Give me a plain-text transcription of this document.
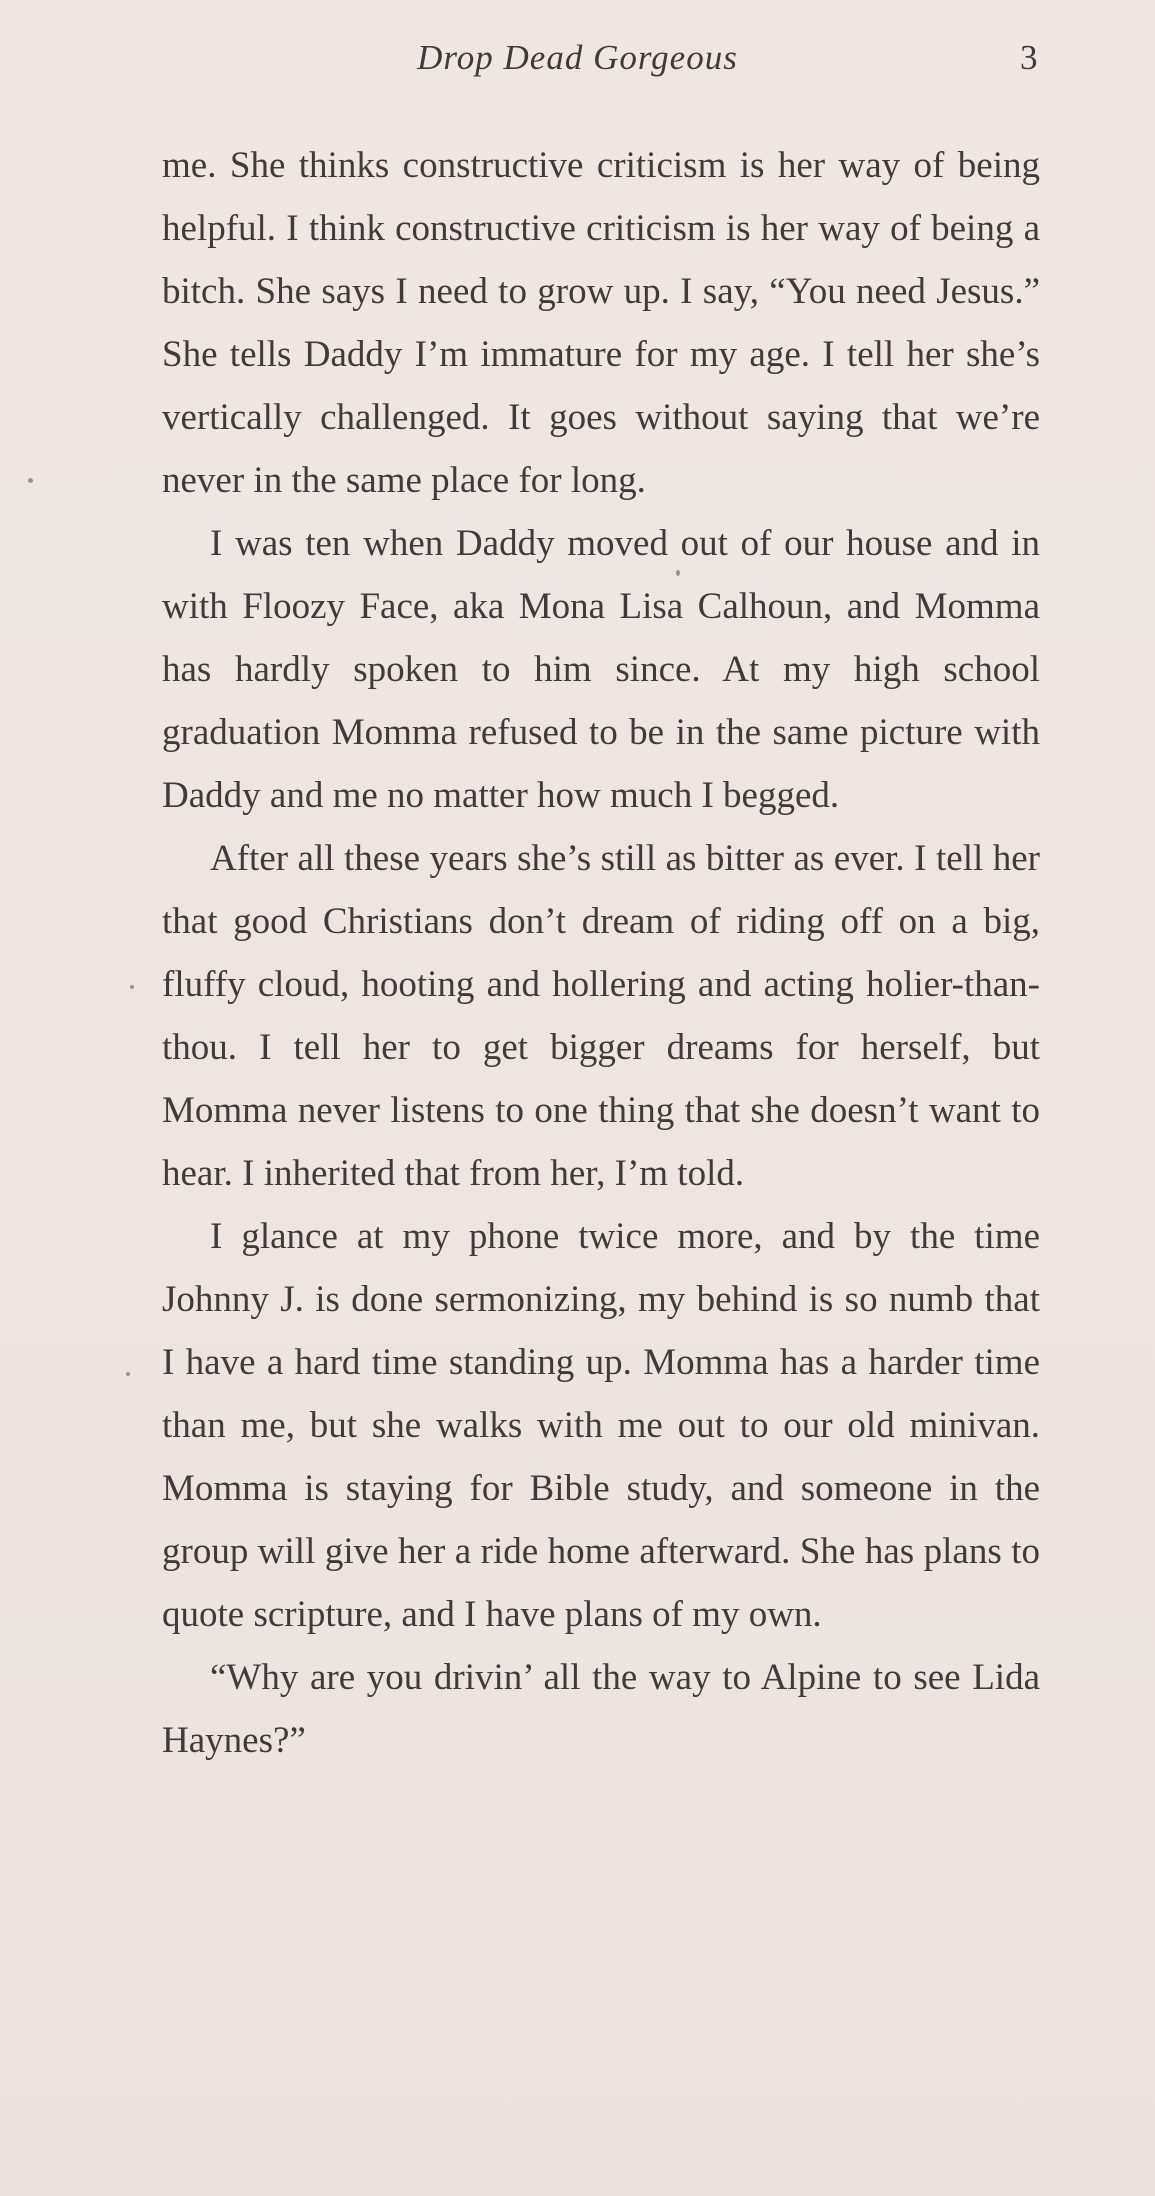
Drop Dead Gorgeous	3

me. She thinks constructive criticism is her way of being helpful. I think constructive criticism is her way of being a bitch. She says I need to grow up. I say, “You need Jesus.” She tells Daddy I’m immature for my age. I tell her she’s vertically challenged. It goes without saying that we’re never in the same place for long.

I was ten when Daddy moved out of our house and in with Floozy Face, aka Mona Lisa Calhoun, and Momma has hardly spoken to him since. At my high school graduation Momma refused to be in the same picture with Daddy and me no matter how much I begged.

After all these years she’s still as bitter as ever. I tell her that good Christians don’t dream of riding off on a big, fluffy cloud, hooting and hollering and acting holier-than-thou. I tell her to get bigger dreams for herself, but Momma never listens to one thing that she doesn’t want to hear. I inherited that from her, I’m told.

I glance at my phone twice more, and by the time Johnny J. is done sermonizing, my behind is so numb that I have a hard time standing up. Momma has a harder time than me, but she walks with me out to our old minivan. Momma is staying for Bible study, and someone in the group will give her a ride home afterward. She has plans to quote scripture, and I have plans of my own.

“Why are you drivin’ all the way to Alpine to see Lida Haynes?”
